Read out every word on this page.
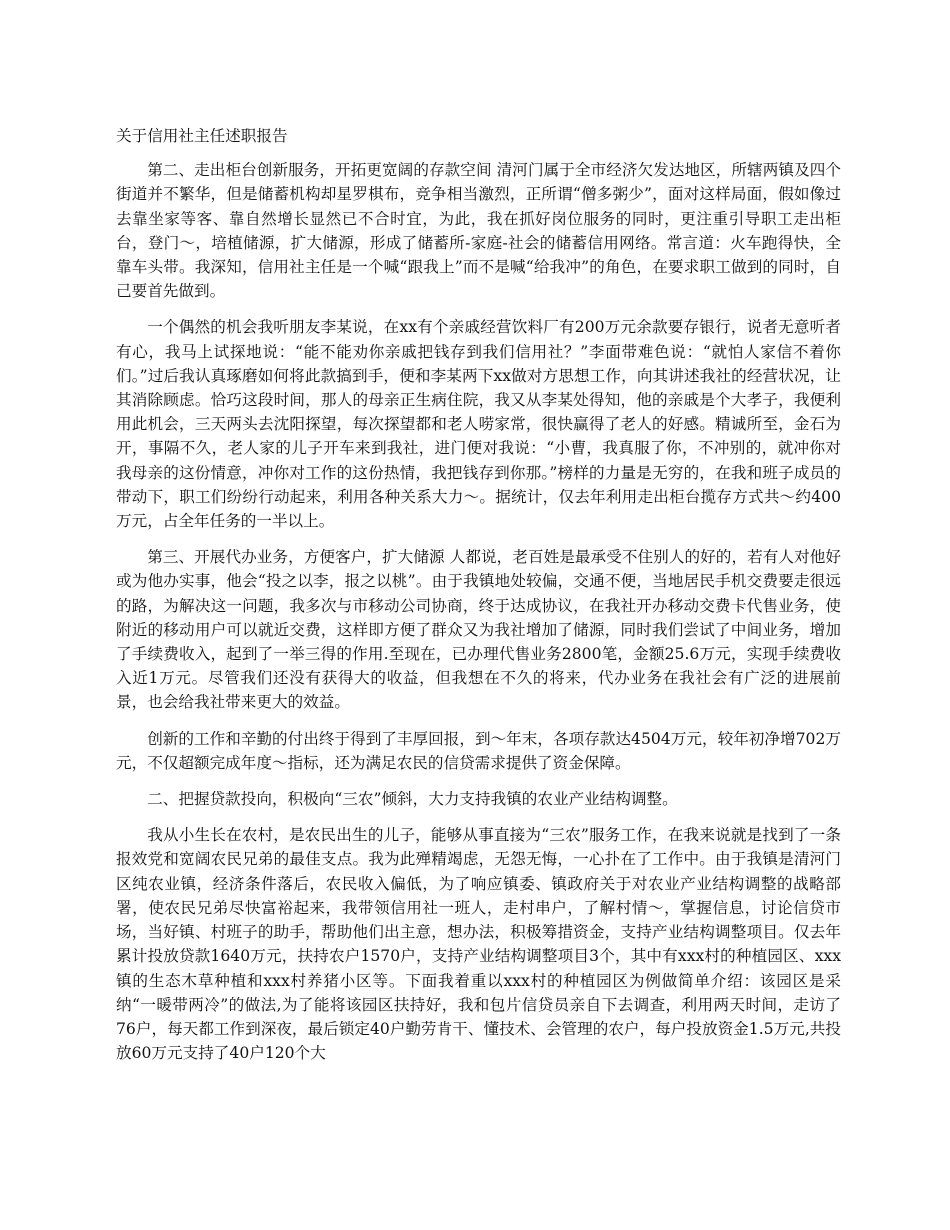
关于信用社主任述职报告

第二、走出柜台创新服务，开拓更宽阔的存款空间 清河门属于全市经济欠发达地区，所辖两镇及四个街道并不繁华，但是储蓄机构却星罗棋布，竞争相当激烈，正所谓“僧多粥少”，面对这样局面，假如像过去靠坐家等客、靠自然增长显然已不合时宜，为此，我在抓好岗位服务的同时，更注重引导职工走出柜台，登门～，培植储源，扩大储源，形成了储蓄所-家庭-社会的储蓄信用网络。常言道：火车跑得快，全靠车头带。我深知，信用社主任是一个喊“跟我上”而不是喊“给我冲”的角色，在要求职工做到的同时，自己要首先做到。

一个偶然的机会我听朋友李某说，在xx有个亲戚经营饮料厂有200万元余款要存银行，说者无意听者有心，我马上试探地说：“能不能劝你亲戚把钱存到我们信用社？”李面带难色说：“就怕人家信不着你们。”过后我认真琢磨如何将此款搞到手，便和李某两下xx做对方思想工作，向其讲述我社的经营状况，让其消除顾虑。恰巧这段时间，那人的母亲正生病住院，我又从李某处得知，他的亲戚是个大孝子，我便利用此机会，三天两头去沈阳探望，每次探望都和老人唠家常，很快赢得了老人的好感。精诚所至，金石为开，事隔不久，老人家的儿子开车来到我社，进门便对我说：“小曹，我真服了你，不冲别的，就冲你对我母亲的这份情意，冲你对工作的这份热情，我把钱存到你那。”榜样的力量是无穷的，在我和班子成员的带动下，职工们纷纷行动起来，利用各种关系大力～。据统计，仅去年利用走出柜台揽存方式共～约400万元，占全年任务的一半以上。

第三、开展代办业务，方便客户，扩大储源 人都说，老百姓是最承受不住别人的好的，若有人对他好或为他办实事，他会“投之以李，报之以桃”。由于我镇地处较偏，交通不便，当地居民手机交费要走很远的路，为解决这一问题，我多次与市移动公司协商，终于达成协议，在我社开办移动交费卡代售业务，使附近的移动用户可以就近交费，这样即方便了群众又为我社增加了储源，同时我们尝试了中间业务，增加了手续费收入，起到了一举三得的作用.至现在，已办理代售业务2800笔，金额25.6万元，实现手续费收入近1万元。尽管我们还没有获得大的收益，但我想在不久的将来，代办业务在我社会有广泛的进展前景，也会给我社带来更大的效益。

创新的工作和辛勤的付出终于得到了丰厚回报，到～年末，各项存款达4504万元，较年初净增702万元，不仅超额完成年度～指标，还为满足农民的信贷需求提供了资金保障。

二、把握贷款投向，积极向“三农”倾斜，大力支持我镇的农业产业结构调整。

我从小生长在农村，是农民出生的儿子，能够从事直接为“三农”服务工作，在我来说就是找到了一条报效党和宽阔农民兄弟的最佳支点。我为此殚精竭虑，无怨无悔，一心扑在了工作中。由于我镇是清河门区纯农业镇，经济条件落后，农民收入偏低，为了响应镇委、镇政府关于对农业产业结构调整的战略部署，使农民兄弟尽快富裕起来，我带领信用社一班人，走村串户，了解村情～，掌握信息，讨论信贷市场，当好镇、村班子的助手，帮助他们出主意，想办法，积极筹措资金，支持产业结构调整项目。仅去年累计投放贷款1640万元，扶持农户1570户，支持产业结构调整项目3个，其中有xxx村的种植园区、xxx镇的生态木草种植和xxx村养猪小区等。下面我着重以xxx村的种植园区为例做简单介绍：该园区是采纳“一暖带两冷”的做法,为了能将该园区扶持好，我和包片信贷员亲自下去调查，利用两天时间，走访了76户，每天都工作到深夜，最后锁定40户勤劳肯干、懂技术、会管理的农户，每户投放资金1.5万元,共投放60万元支持了40户120个大
